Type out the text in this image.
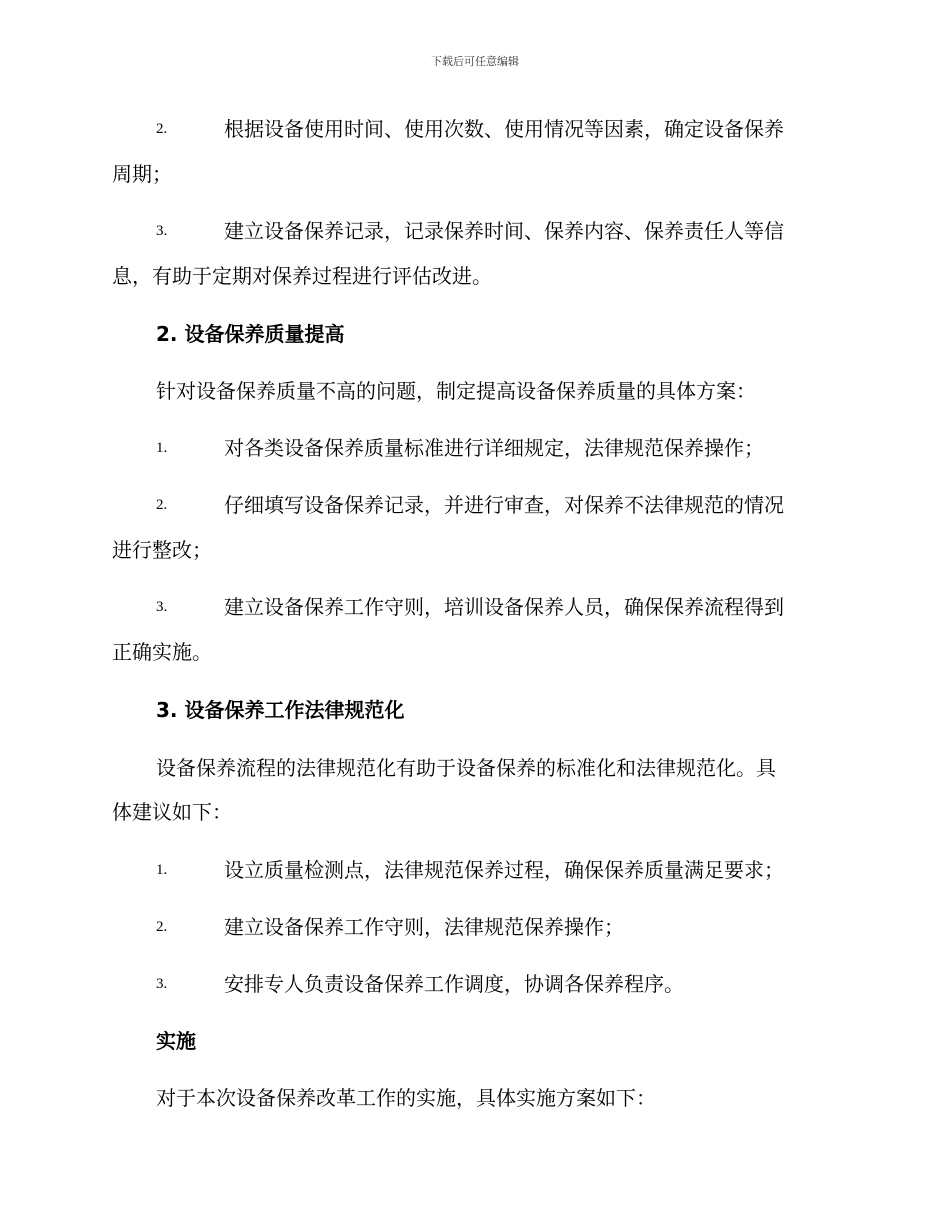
下载后可任意编辑
2.	根据设备使用时间、使用次数、使用情况等因素，确定设备保养
周期；
3.	建立设备保养记录，记录保养时间、保养内容、保养责任人等信
息，有助于定期对保养过程进行评估改进。
2. 设备保养质量提高
针对设备保养质量不高的问题，制定提高设备保养质量的具体方案：
1.	对各类设备保养质量标准进行详细规定，法律规范保养操作；
2.	仔细填写设备保养记录，并进行审查，对保养不法律规范的情况
进行整改；
3.	建立设备保养工作守则，培训设备保养人员，确保保养流程得到
正确实施。
3. 设备保养工作法律规范化
设备保养流程的法律规范化有助于设备保养的标准化和法律规范化。具
体建议如下：
1.	设立质量检测点，法律规范保养过程，确保保养质量满足要求；
2.	建立设备保养工作守则，法律规范保养操作；
3.	安排专人负责设备保养工作调度，协调各保养程序。
实施
对于本次设备保养改革工作的实施，具体实施方案如下：
